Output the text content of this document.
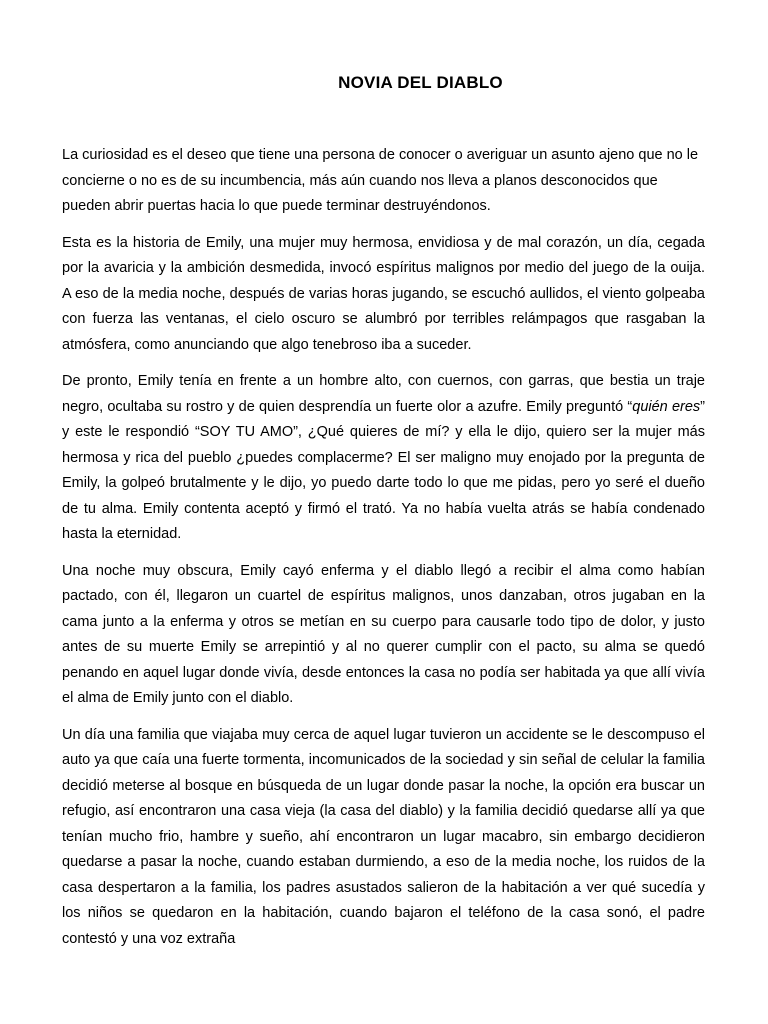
NOVIA DEL DIABLO

La curiosidad es el deseo que tiene una persona de conocer o averiguar un asunto ajeno que no le concierne o no es de su incumbencia, más aún cuando nos lleva a planos desconocidos que pueden abrir puertas hacia lo que puede terminar destruyéndonos.

Esta es la historia de Emily, una mujer muy hermosa, envidiosa y de mal corazón, un día, cegada por la avaricia y la ambición desmedida, invocó espíritus malignos por medio del juego de la ouija. A eso de la media noche, después de varias horas jugando, se escuchó aullidos, el viento golpeaba con fuerza las ventanas, el cielo oscuro se alumbró por terribles relámpagos que rasgaban la atmósfera, como anunciando que algo tenebroso iba a suceder.

De pronto, Emily tenía en frente a un hombre alto, con cuernos, con garras, que bestia un traje negro, ocultaba su rostro y de quien desprendía un fuerte olor a azufre. Emily preguntó “quién eres” y este le respondió “SOY TU AMO”, ¿Qué quieres de mí? y ella le dijo, quiero ser la mujer más hermosa y rica del pueblo ¿puedes complacerme? El ser maligno muy enojado por la pregunta de Emily, la golpeó brutalmente y le dijo, yo puedo darte todo lo que me pidas, pero yo seré el dueño de tu alma. Emily contenta aceptó y firmó el trató. Ya no había vuelta atrás se había condenado hasta la eternidad.

Una noche muy obscura, Emily cayó enferma y el diablo llegó a recibir el alma como habían pactado, con él, llegaron un cuartel de espíritus malignos, unos danzaban, otros jugaban en la cama junto a la enferma y otros se metían en su cuerpo para causarle todo tipo de dolor, y justo antes de su muerte Emily se arrepintió y al no querer cumplir con el pacto, su alma se quedó penando en aquel lugar donde vivía, desde entonces la casa no podía ser habitada ya que allí vivía el alma de Emily junto con el diablo.

Un día una familia que viajaba muy cerca de aquel lugar tuvieron un accidente se le descompuso el auto ya que caía una fuerte tormenta, incomunicados de la sociedad y sin señal de celular la familia decidió meterse al bosque en búsqueda de un lugar donde pasar la noche, la opción era buscar un refugio, así encontraron una casa vieja (la casa del diablo) y la familia decidió quedarse allí ya que tenían mucho frio, hambre y sueño, ahí encontraron un lugar macabro, sin embargo decidieron quedarse a pasar la noche, cuando estaban durmiendo, a eso de la media noche, los ruidos de la casa despertaron a la familia, los padres asustados salieron de la habitación a ver qué sucedía y los niños se quedaron en la habitación, cuando bajaron el teléfono de la casa sonó, el padre contestó y una voz extraña
